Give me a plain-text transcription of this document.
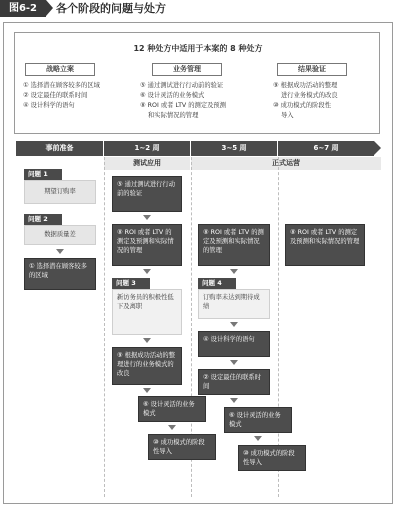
图6-2	各个阶段的问题与处方
12 种处方中适用于本案的 8 种处方
战略立案
① 选择潜在顾客较多的区域
② 设定最佳的联系时间
④ 设计科学的语句
业务管理
⑤ 通过测试进行行动前的验证
⑥ 设计灵活的业务模式
⑧ ROI 或者 LTV 的测定及预测
和实际情况的管理
结果验证
⑨ 根据成功活动的整理
进行业务模式的改良
⑩ 成功模式的阶段性
导入
事前准备	1~2 周	3~5 周	6~7 周
测试应用	正式运营
问题 1
期望订购率
问题 2
数据质量差
① 选择潜在顾客较多的区域
⑤ 通过测试进行行动前的验证
⑧ ROI 或者 LTV 的测定及预测和实际情况的管理
问题 3
新访务员的积极性低下及离职
⑨ 根据成功活动的整理进行的业务模式的改良
⑥ 设计灵活的业务模式
⑩ 成功模式的阶段性导入
⑧ ROI 或者 LTV 的测定及预测和实际情况的管理
问题 4
订购率未达到期待成绩
④ 设计科学的语句
② 设定最佳的联系时间
⑥ 设计灵活的业务模式
⑩ 成功模式的阶段性导入
⑧ ROI 或者 LTV 的测定及预测和实际情况的管理
